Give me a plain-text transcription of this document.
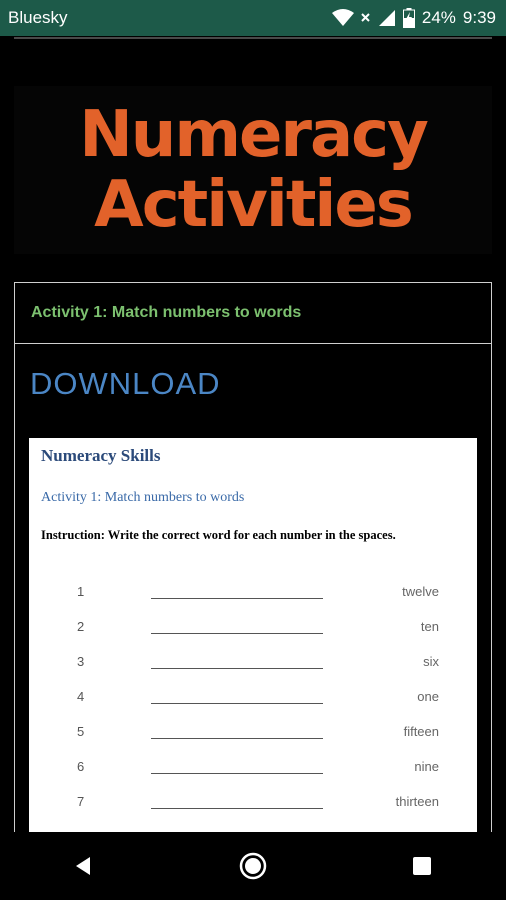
Bluesky	24% 9:39
Numeracy
Activities
Activity 1: Match numbers to words
DOWNLOAD
Numeracy Skills
Activity 1: Match numbers to words
Instruction: Write the correct word for each number in the spaces.
1	twelve
2	ten
3	six
4	one
5	fifteen
6	nine
7	thirteen
